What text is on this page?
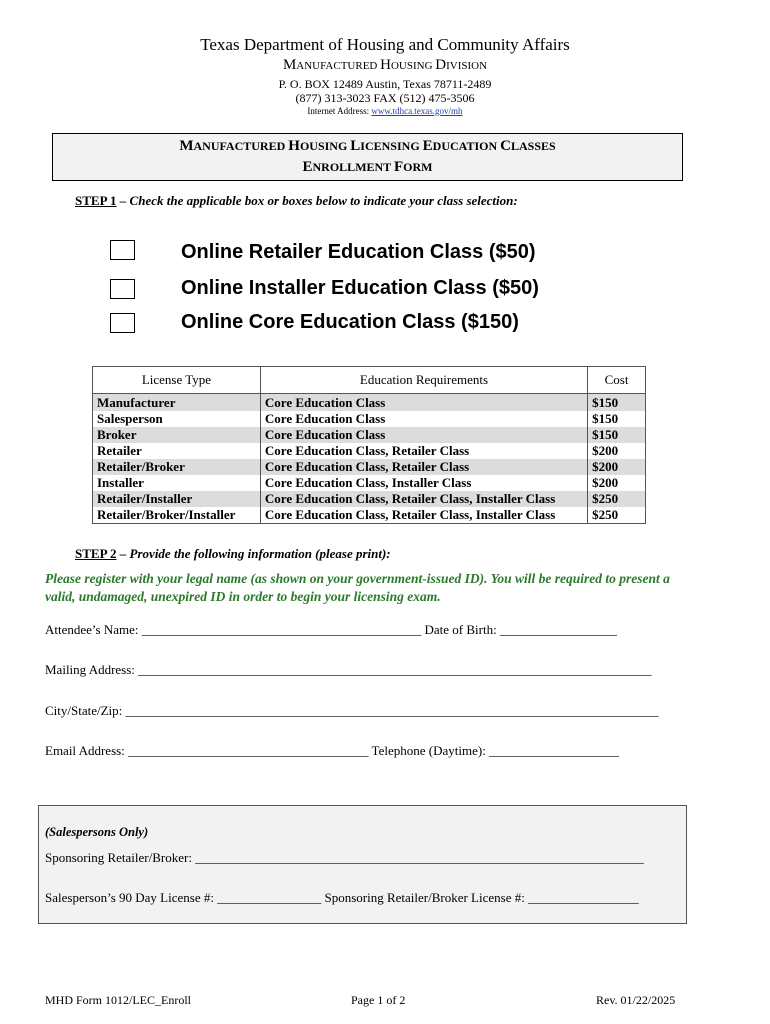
Texas Department of Housing and Community Affairs
MANUFACTURED HOUSING DIVISION
P. O. BOX 12489 Austin, Texas 78711-2489
(877) 313-3023 FAX (512) 475-3506
Internet Address: www.tdhca.texas.gov/mh
MANUFACTURED HOUSING LICENSING EDUCATION CLASSES
ENROLLMENT FORM
STEP 1 – Check the applicable box or boxes below to indicate your class selection:
Online Retailer Education Class ($50)
Online Installer Education Class ($50)
Online Core Education Class ($150)
License Type	Education Requirements	Cost
Manufacturer	Core Education Class	$150
Salesperson	Core Education Class	$150
Broker	Core Education Class	$150
Retailer	Core Education Class, Retailer Class	$200
Retailer/Broker	Core Education Class, Retailer Class	$200
Installer	Core Education Class, Installer Class	$200
Retailer/Installer	Core Education Class, Retailer Class, Installer Class	$250
Retailer/Broker/Installer	Core Education Class, Retailer Class, Installer Class	$250
STEP 2 – Provide the following information (please print):
Please register with your legal name (as shown on your government-issued ID). You will be required to present a valid, undamaged, unexpired ID in order to begin your licensing exam.
Attendee’s Name: ___________________________________________ Date of Birth: __________________
Mailing Address: _______________________________________________________________________________
City/State/Zip: __________________________________________________________________________________
Email Address: _____________________________________ Telephone (Daytime): ____________________
(Salespersons Only)
Sponsoring Retailer/Broker: _____________________________________________________________________
Salesperson’s 90 Day License #: ________________ Sponsoring Retailer/Broker License #: _________________
MHD Form 1012/LEC_Enroll	Page 1 of 2	Rev. 01/22/2025
